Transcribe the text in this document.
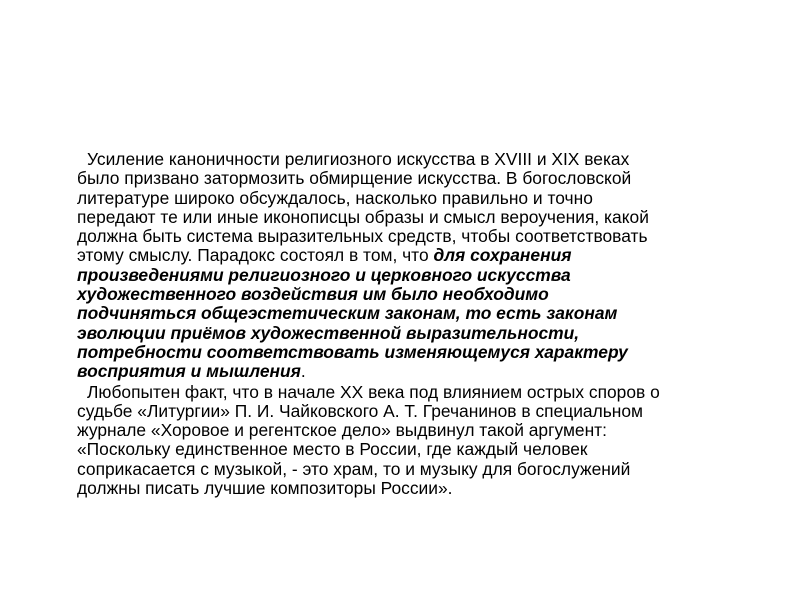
Усиление каноничности религиозного искусства в XVIII и XIX веках
было призвано затормозить обмирщение искусства. В богословской
литературе широко обсуждалось, насколько правильно и точно
передают те или иные иконописцы образы и смысл вероучения, какой
должна быть система выразительных средств, чтобы соответствовать
этому смыслу. Парадокс состоял в том, что для сохранения
произведениями религиозного и церковного искусства
художественного воздействия им было необходимо
подчиняться общеэстетическим законам, то есть законам
эволюции приёмов художественной выразительности,
потребности соответствовать изменяющемуся характеру
восприятия и мышления.

Любопытен факт, что в начале XX века под влиянием острых споров о
судьбе «Литургии» П. И. Чайковского А. Т. Гречанинов в специальном
журнале «Хоровое и регентское дело» выдвинул такой аргумент:
«Поскольку единственное место в России, где каждый человек
соприкасается с музыкой, - это храм, то и музыку для богослужений
должны писать лучшие композиторы России».
